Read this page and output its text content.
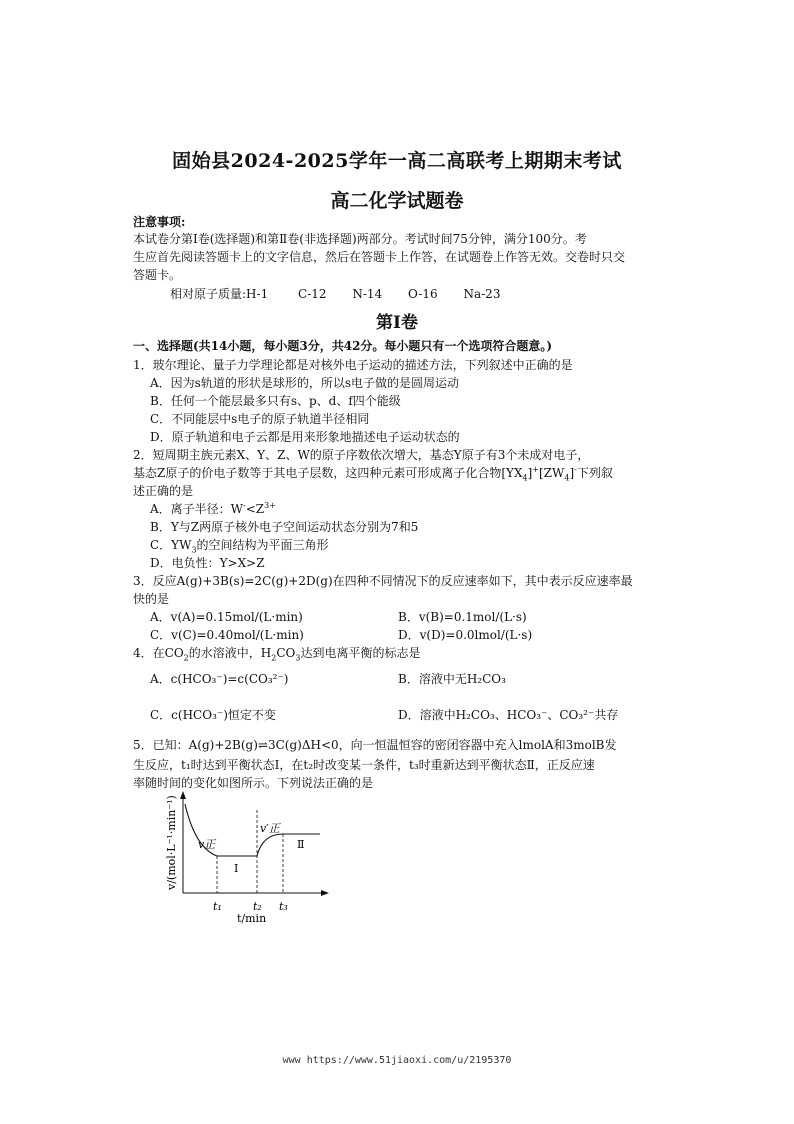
固始县2024-2025学年一高二高联考上期期末考试
高二化学试题卷
注意事项:
本试卷分第Ⅰ卷(选择题)和第Ⅱ卷(非选择题)两部分。考试时间75分钟，满分100分。考
生应首先阅读答题卡上的文字信息，然后在答题卡上作答，在试题卷上作答无效。交卷时只交
答题卡。
相对原子质量:H-1 C-12 N-14 O-16 Na-23
第Ⅰ卷
一、选择题(共14小题，每小题3分，共42分。每小题只有一个选项符合题意。)
1．玻尔理论、量子力学理论都是对核外电子运动的描述方法，下列叙述中正确的是
A．因为s轨道的形状是球形的，所以s电子做的是圆周运动
B．任何一个能层最多只有s、p、d、f四个能级
C．不同能层中s电子的原子轨道半径相同
D．原子轨道和电子云都是用来形象地描述电子运动状态的
2．短周期主族元素X、Y、Z、W的原子序数依次增大，基态Y原子有3个未成对电子，
基态Z原子的价电子数等于其电子层数，这四种元素可形成离子化合物$[YX_4]^+[ZW_4]^-$下列叙
述正确的是
A．离子半径：$W^-<Z^{3+}$
B．Y与Z两原子核外电子空间运动状态分别为7和5
C．$YW_3$的空间结构为平面三角形
D．电负性：Y>X>Z
3．反应A(g)+3B(s)=2C(g)+2D(g)在四种不同情况下的反应速率如下，其中表示反应速率最
快的是
A．v(A)=0.15mol/(L·min)	B．v(B)=0.1mol/(L·s)
C．v(C)=0.40mol/(L·min)	D．v(D)=0.0lmol/(L·s)
4．在$CO_2$的水溶液中，$H_2CO_3$达到电离平衡的标志是
A．c(HCO₃⁻)=c(CO₃²⁻)	B．溶液中无H₂CO₃
C．c(HCO₃⁻)恒定不变	D．溶液中H₂CO₃、HCO₃⁻、CO₃²⁻共存
5．已知：A(g)+2B(g)⇌3C(g)ΔH<0，向一恒温恒容的密闭容器中充入lmolA和3molB发
生反应，t₁时达到平衡状态Ⅰ，在t₂时改变某一条件，t₃时重新达到平衡状态Ⅱ，正反应速
率随时间的变化如图所示。下列说法正确的是
v正
v′正
Ⅰ
Ⅱ
t₁	t₂ t₃
t/min
v/(mol·L⁻¹·min⁻¹)
www https://www.51jiaoxi.com/u/2195370
